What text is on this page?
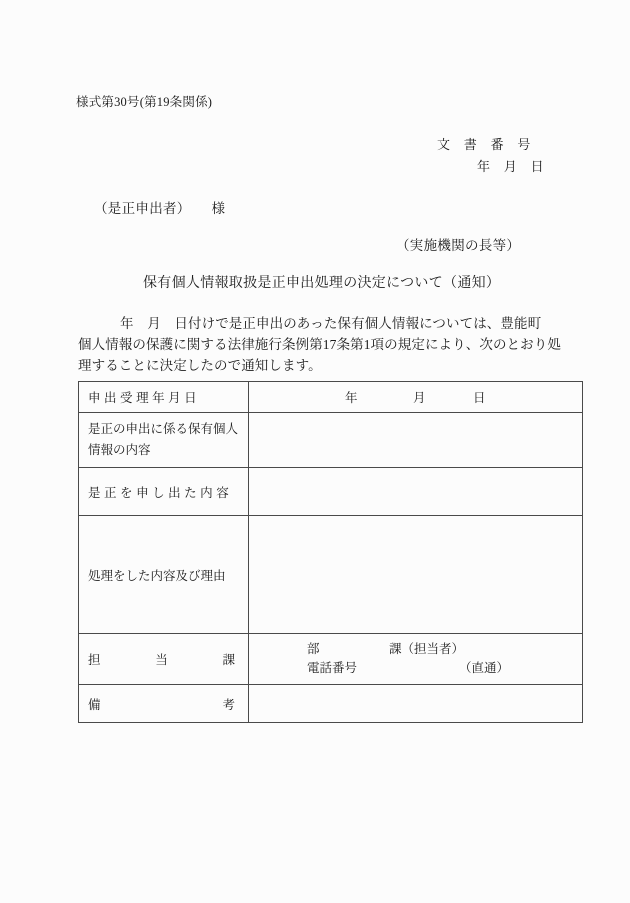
様式第30号(第19条関係)
文　書　番　号
年　月　日
（是正申出者）　　様
（実施機関の長等）
保有個人情報取扱是正申出処理の決定について（通知）
年　月　日付けで是正申出のあった保有個人情報については、豊能町
個人情報の保護に関する法律施行条例第17条第1項の規定により、次のとおり処
理することに決定したので通知します。
申 出 受 理 年 月 日	年 月 日

是正の申出に係る保有個人情報の内容	

是 正 を 申 し 出 た 内 容	

処理をした内容及び理由	

担　　当　　課	部 課（担当者）
電話番号 （直通）

備　　考	
